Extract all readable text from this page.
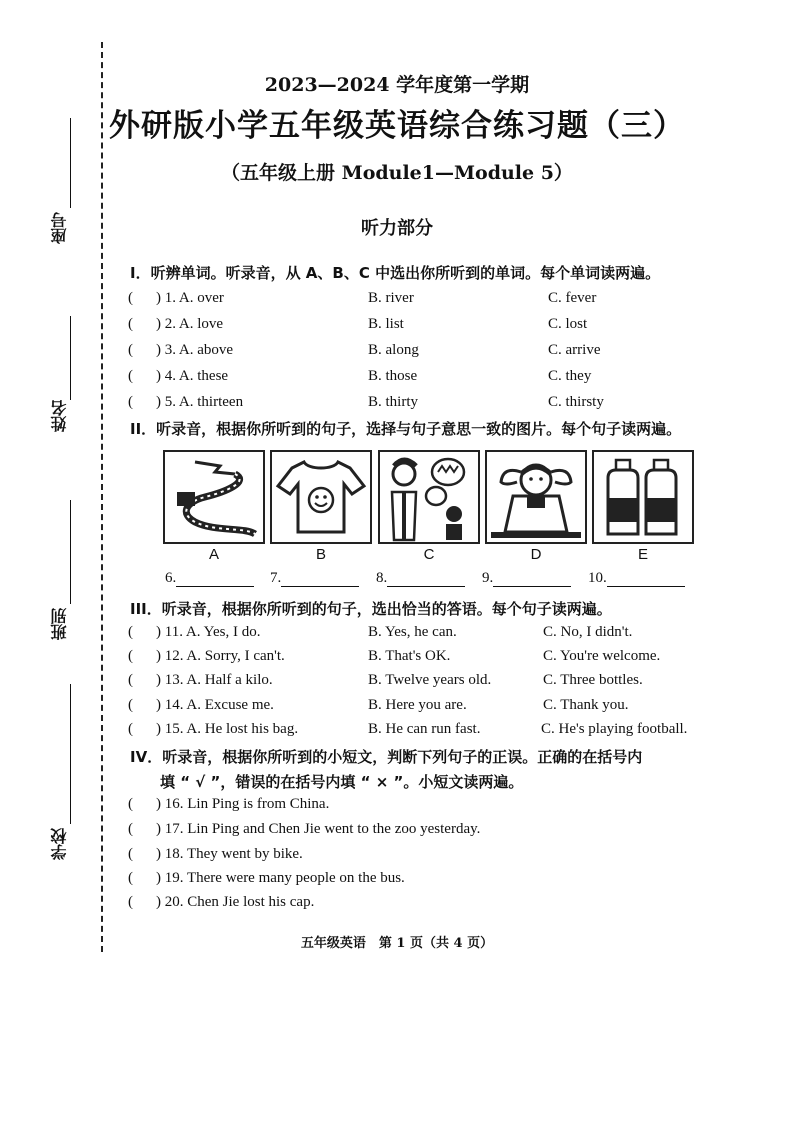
座号
姓名
班别
学校
2023—2024 学年度第一学期
外研版小学五年级英语综合练习题（三）
（五年级上册 Module1—Module 5）
听力部分
I．听辨单词。听录音，从 A、B、C 中选出你所听到的单词。每个单词读两遍。
( ) 1. A. over	B. river	C. fever
( ) 2. A. love	B. list	C. lost
( ) 3. A. above	B. along	C. arrive
( ) 4. A. these	B. those	C. they
( ) 5. A. thirteen	B. thirty	C. thirsty
II．听录音，根据你所听到的句子，选择与句子意思一致的图片。每个句子读两遍。
A	B	C	D	E
6.	7.	8.	9.	10.
III．听录音，根据你所听到的句子，选出恰当的答语。每个句子读两遍。
( ) 11. A. Yes, I do.	B. Yes, he can.	C. No, I didn't.
( ) 12. A. Sorry, I can't.	B. That's OK.	C. You're welcome.
( ) 13. A. Half a kilo.	B. Twelve years old.	C. Three bottles.
( ) 14. A. Excuse me.	B. Here you are.	C. Thank you.
( ) 15. A. He lost his bag.	B. He can run fast.	C. He's playing football.
IV．听录音，根据你所听到的小短文，判断下列句子的正误。正确的在括号内
填 “ √ ”，错误的在括号内填 “ × ”。小短文读两遍。
( ) 16. Lin Ping is from China.
( ) 17. Lin Ping and Chen Jie went to the zoo yesterday.
( ) 18. They went by bike.
( ) 19. There were many people on the bus.
( ) 20. Chen Jie lost his cap.
五年级英语　第 1 页（共 4 页）
